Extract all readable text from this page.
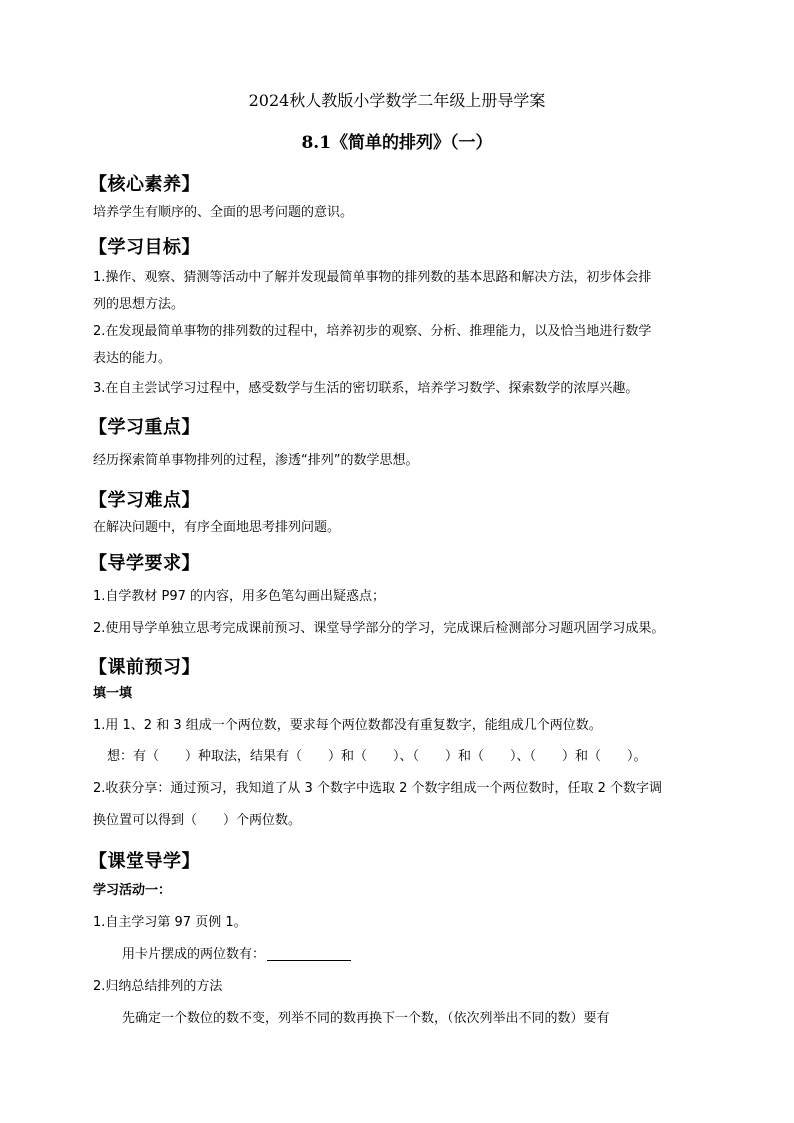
2024秋人教版小学数学二年级上册导学案
8.1《简单的排列》（一）
【核心素养】
培养学生有顺序的、全面的思考问题的意识。
【学习目标】
1.操作、观察、猜测等活动中了解并发现最简单事物的排列数的基本思路和解决方法，初步体会排
列的思想方法。
2.在发现最简单事物的排列数的过程中，培养初步的观察、分析、推理能力，以及恰当地进行数学
表达的能力。
3.在自主尝试学习过程中，感受数学与生活的密切联系，培养学习数学、探索数学的浓厚兴趣。
【学习重点】
经历探索简单事物排列的过程，渗透“排列”的数学思想。
【学习难点】
在解决问题中，有序全面地思考排列问题。
【导学要求】
1.自学教材 P97 的内容，用多色笔勾画出疑惑点；
2.使用导学单独立思考完成课前预习、课堂导学部分的学习，完成课后检测部分习题巩固学习成果。
【课前预习】
填一填
1.用 1、2 和 3 组成一个两位数，要求每个两位数都没有重复数字，能组成几个两位数。
想：有（　　）种取法，结果有（　　）和（　　）、（　　）和（　　）、（　　）和（　　）。
2.收获分享：通过预习，我知道了从 3 个数字中选取 2 个数字组成一个两位数时，任取 2 个数字调
换位置可以得到（　　）个两位数。
【课堂导学】
学习活动一：
1.自主学习第 97 页例 1。
用卡片摆成的两位数有：
2.归纳总结排列的方法
先确定一个数位的数不变，列举不同的数再换下一个数，（依次列举出不同的数）要有
